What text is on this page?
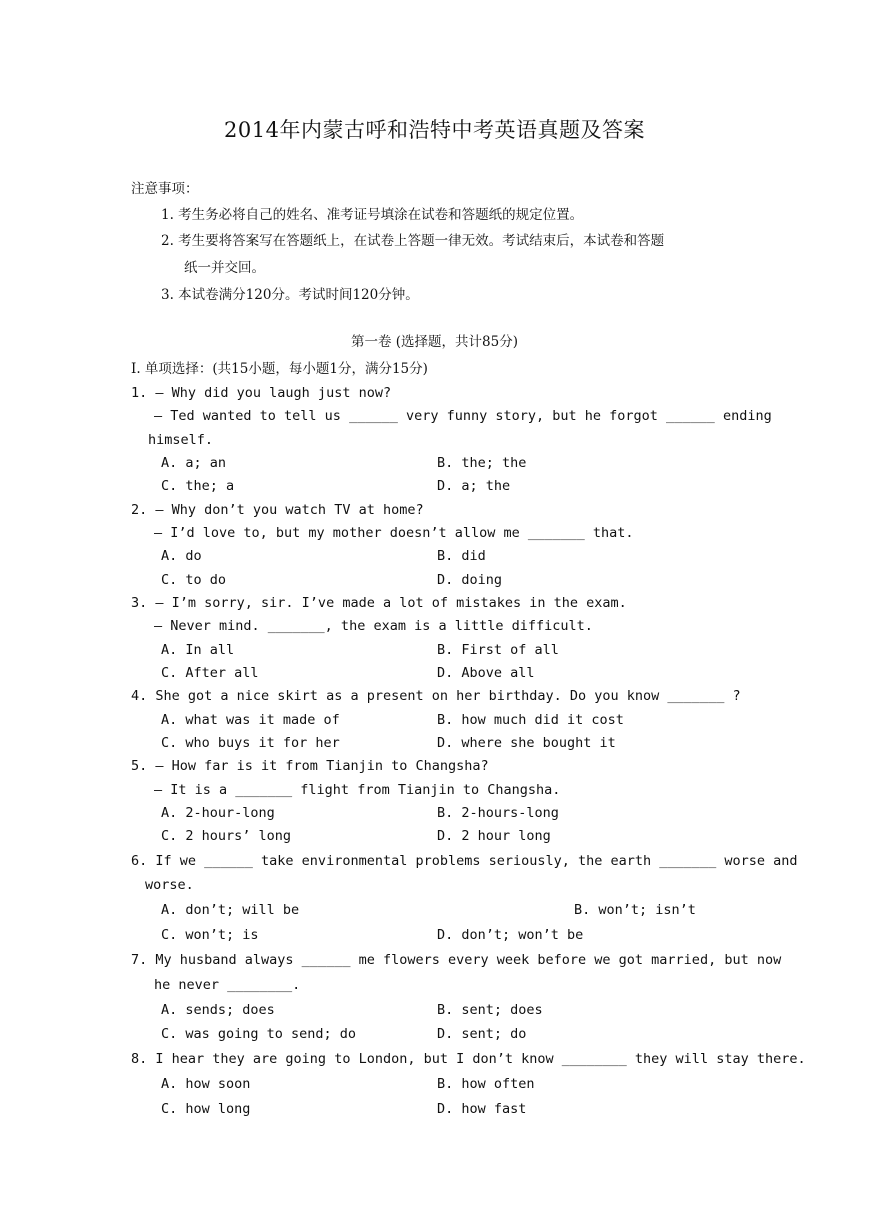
2014年内蒙古呼和浩特中考英语真题及答案
注意事项：
1. 考生务必将自己的姓名、准考证号填涂在试卷和答题纸的规定位置。
2. 考生要将答案写在答题纸上，在试卷上答题一律无效。考试结束后，本试卷和答题
纸一并交回。
3. 本试卷满分120分。考试时间120分钟。
第一卷 (选择题，共计85分)
I. 单项选择：(共15小题，每小题1分，满分15分)
1. — Why did you laugh just now?
— Ted wanted to tell us ______ very funny story, but he forgot ______ ending
himself.
A. a; an	B. the; the
C. the; a	D. a; the
2. — Why don’t you watch TV at home?
— I’d love to, but my mother doesn’t allow me _______ that.
A. do	B. did
C. to do	D. doing
3. — I’m sorry, sir. I’ve made a lot of mistakes in the exam.
— Never mind. _______, the exam is a little difficult.
A. In all	B. First of all
C. After all	D. Above all
4. She got a nice skirt as a present on her birthday. Do you know _______ ?
A. what was it made of	B. how much did it cost
C. who buys it for her	D. where she bought it
5. — How far is it from Tianjin to Changsha?
— It is a _______ flight from Tianjin to Changsha.
A. 2-hour-long	B. 2-hours-long
C. 2 hours’ long	D. 2 hour long
6. If we ______ take environmental problems seriously, the earth _______ worse and
worse.
A. don’t; will be	B. won’t; isn’t
C. won’t; is	D. don’t; won’t be
7. My husband always ______ me flowers every week before we got married, but now
he never ________.
A. sends; does	B. sent; does
C. was going to send; do	D. sent; do
8. I hear they are going to London, but I don’t know ________ they will stay there.
A. how soon	B. how often
C. how long	D. how fast
